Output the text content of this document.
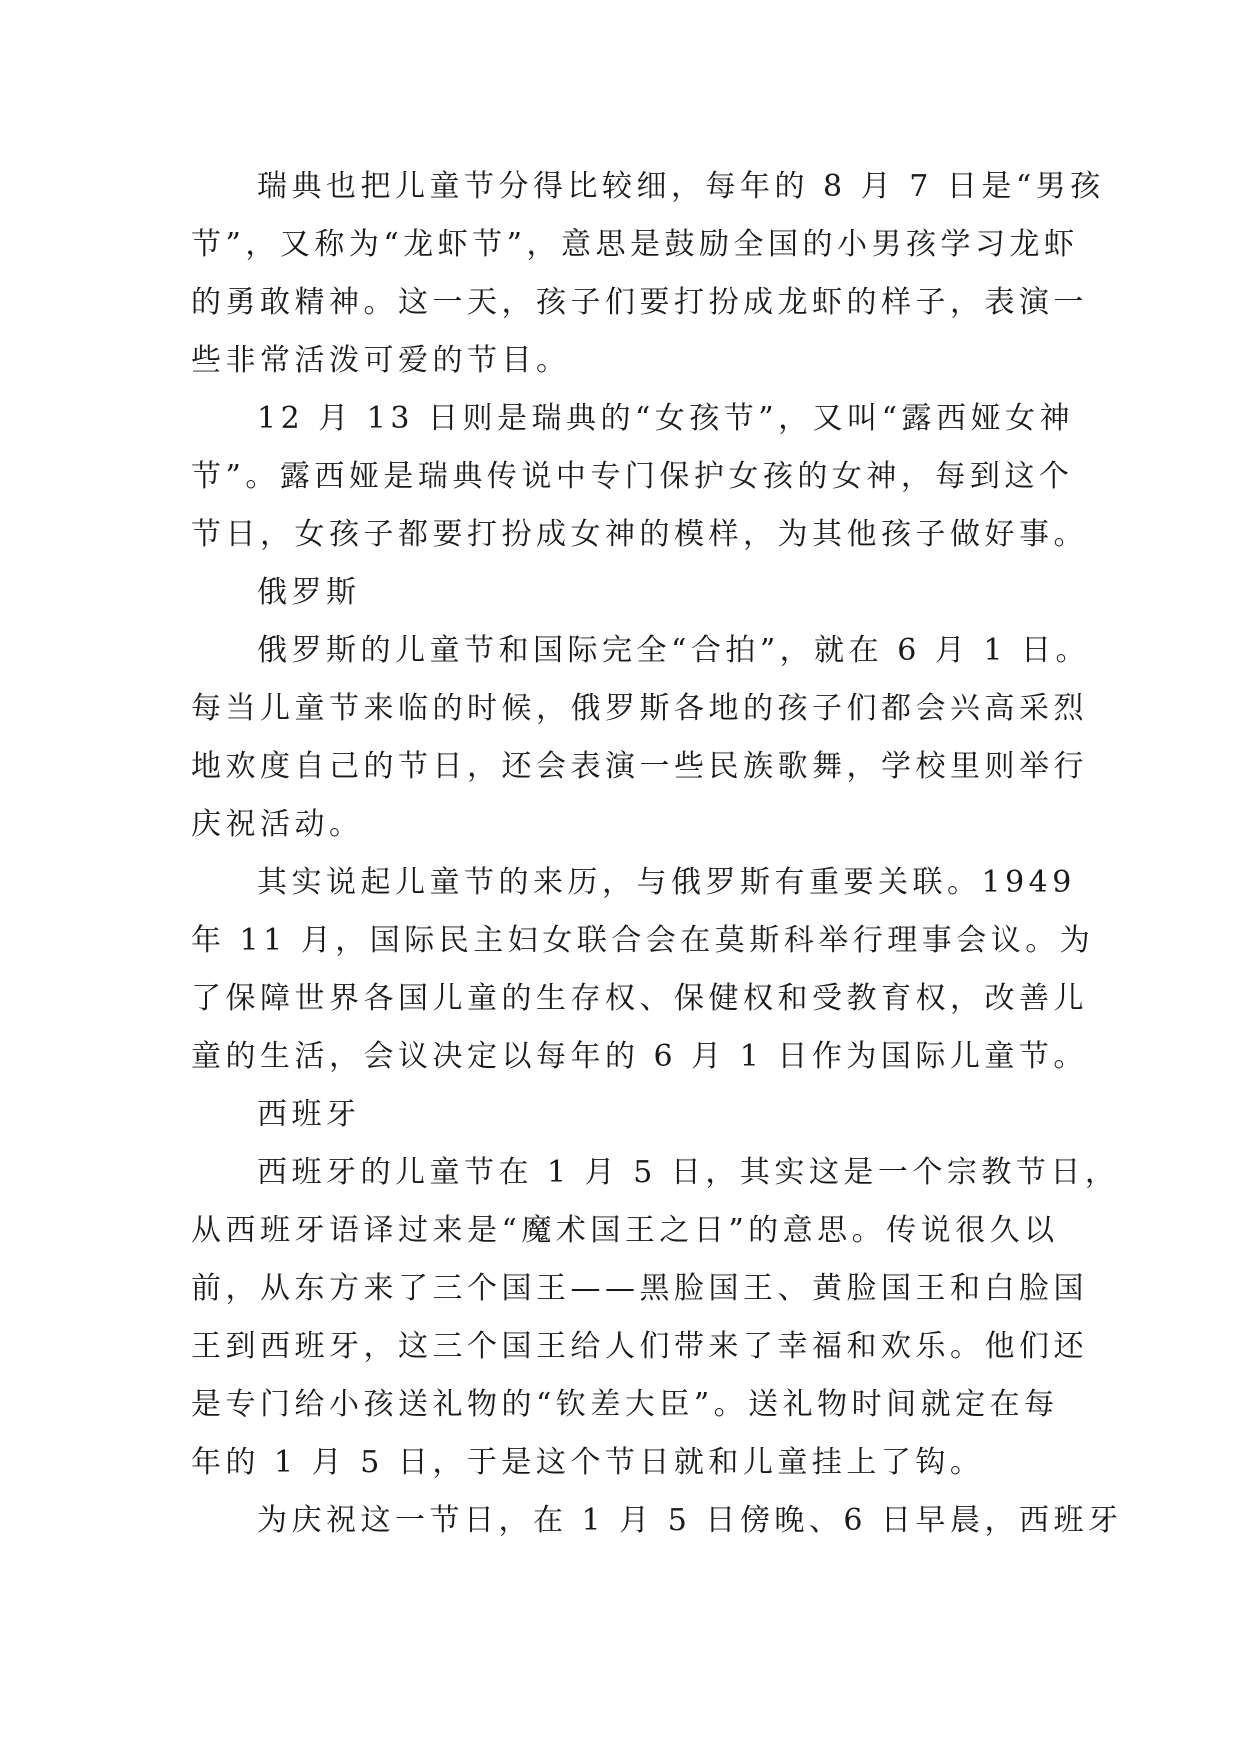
瑞典也把儿童节分得比较细，每年的 8 月 7 日是“男孩
节”，又称为“龙虾节”，意思是鼓励全国的小男孩学习龙虾
的勇敢精神。这一天，孩子们要打扮成龙虾的样子，表演一
些非常活泼可爱的节目。
12 月 13 日则是瑞典的“女孩节”，又叫“露西娅女神
节”。露西娅是瑞典传说中专门保护女孩的女神，每到这个
节日，女孩子都要打扮成女神的模样，为其他孩子做好事。
俄罗斯
俄罗斯的儿童节和国际完全“合拍”，就在 6 月 1 日。
每当儿童节来临的时候，俄罗斯各地的孩子们都会兴高采烈
地欢度自己的节日，还会表演一些民族歌舞，学校里则举行
庆祝活动。
其实说起儿童节的来历，与俄罗斯有重要关联。1949
年 11 月，国际民主妇女联合会在莫斯科举行理事会议。为
了保障世界各国儿童的生存权、保健权和受教育权，改善儿
童的生活，会议决定以每年的 6 月 1 日作为国际儿童节。
西班牙
西班牙的儿童节在 1 月 5 日，其实这是一个宗教节日，
从西班牙语译过来是“魔术国王之日”的意思。传说很久以
前，从东方来了三个国王——黑脸国王、黄脸国王和白脸国
王到西班牙，这三个国王给人们带来了幸福和欢乐。他们还
是专门给小孩送礼物的“钦差大臣”。送礼物时间就定在每
年的 1 月 5 日，于是这个节日就和儿童挂上了钩。
为庆祝这一节日，在 1 月 5 日傍晚、6 日早晨，西班牙
